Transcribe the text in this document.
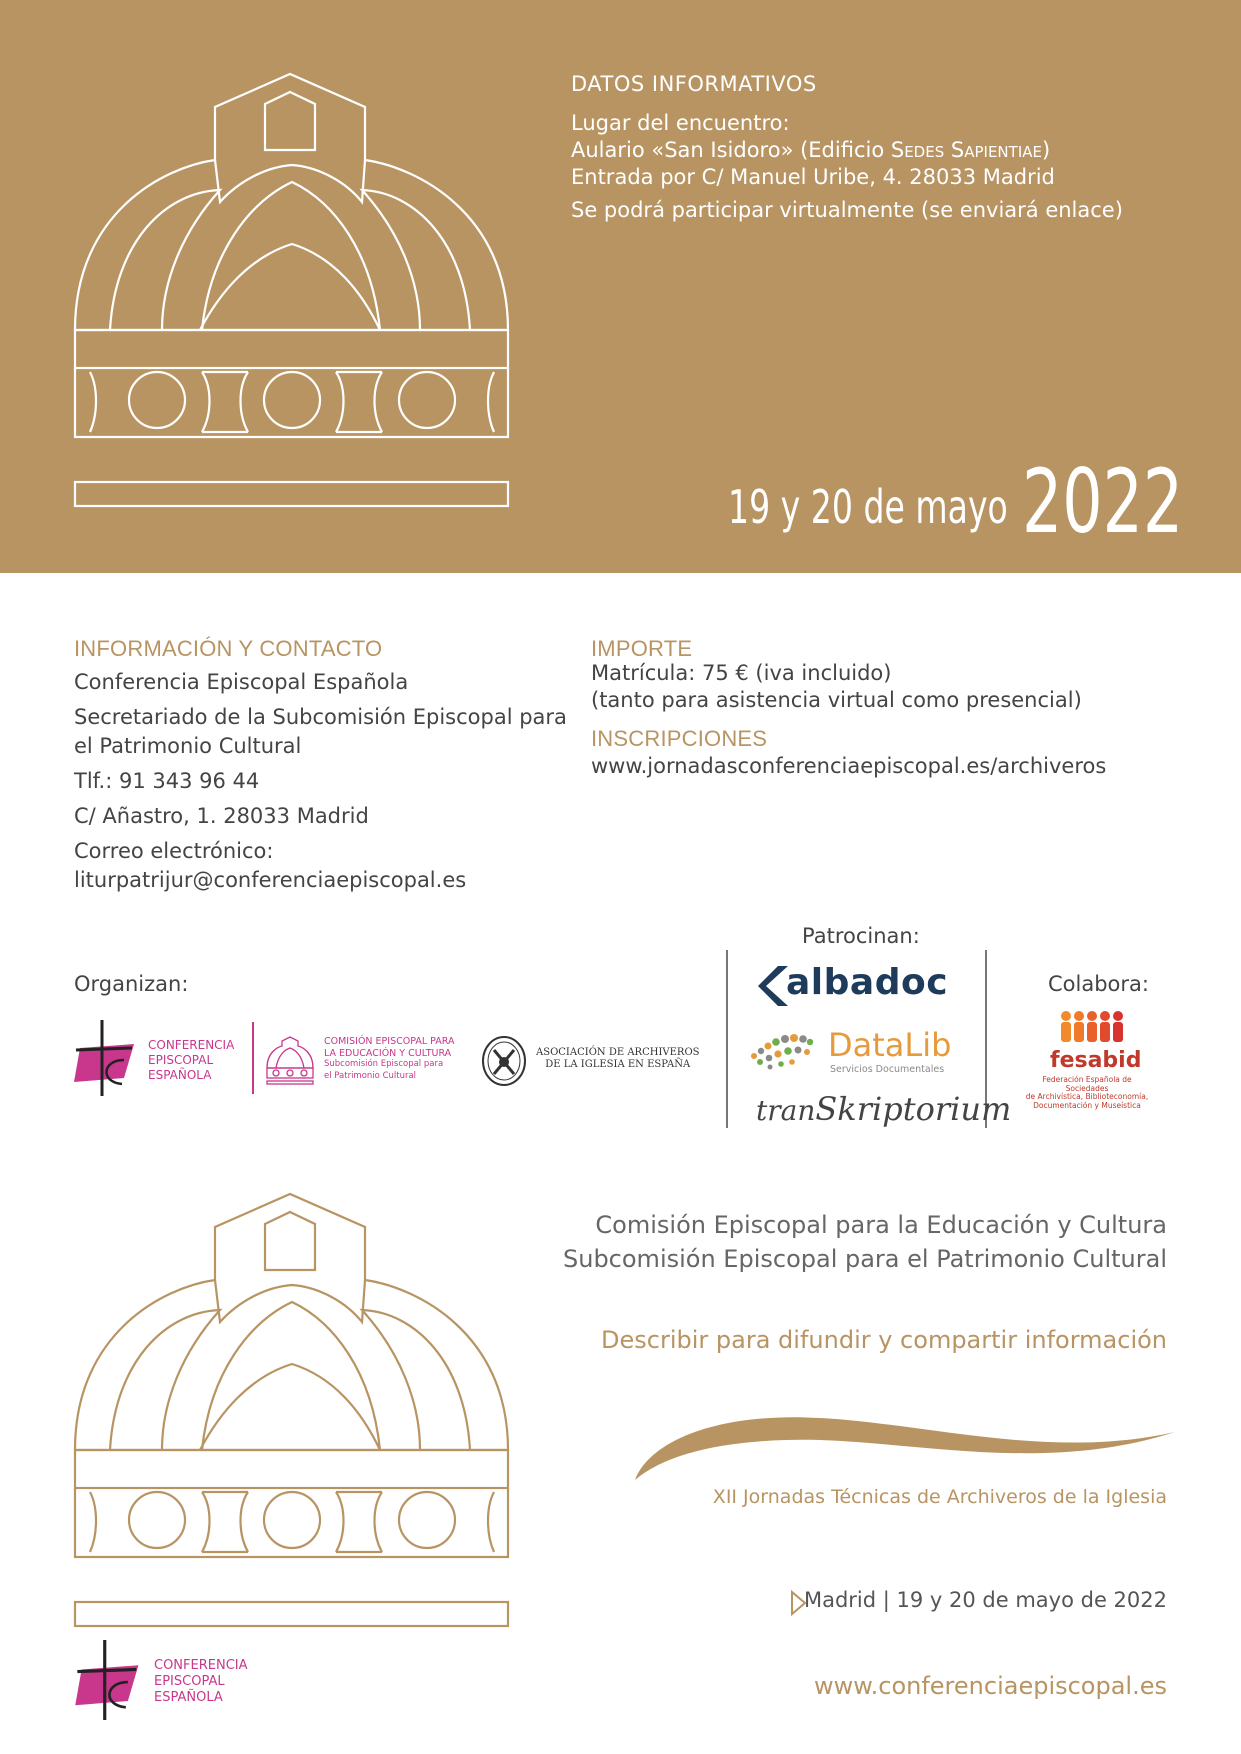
DATOS INFORMATIVOS
Lugar del encuentro:
Aulario «San Isidoro» (Edificio Sedes Sapientiae)
Entrada por C/ Manuel Uribe, 4. 28033 Madrid
Se podrá participar virtualmente (se enviará enlace)
19 y 20 de mayo 2022
INFORMACIÓN Y CONTACTO
Conferencia Episcopal Española
Secretariado de la Subcomisión Episcopal para
el Patrimonio Cultural
Tlf.: 91 343 96 44
C/ Añastro, 1. 28033 Madrid
Correo electrónico:
liturpatrijur@conferenciaepiscopal.es
IMPORTE
Matrícula: 75 € (iva incluido)
(tanto para asistencia virtual como presencial)
INSCRIPCIONES
www.jornadasconferenciaepiscopal.es/archiveros
Organizan:
Patrocinan:
Colabora:
CONFERENCIA
EPISCOPAL
ESPAÑOLA
COMISIÓN EPISCOPAL PARA
LA EDUCACIÓN Y CULTURA
Subcomisión Episcopal para
el Patrimonio Cultural
ASOCIACIÓN DE ARCHIVEROS
DE LA IGLESIA EN ESPAÑA
albadoc
DataLib
Servicios Documentales
tranSkriptorium
fesabid
Federación Española de Sociedades
de Archivística, Biblioteconomía,
Documentación y Museística
Comisión Episcopal para la Educación y Cultura
Subcomisión Episcopal para el Patrimonio Cultural
Describir para difundir y compartir información
XII Jornadas Técnicas de Archiveros de la Iglesia
Madrid | 19 y 20 de mayo de 2022
CONFERENCIA
EPISCOPAL
ESPAÑOLA	www.conferenciaepiscopal.es
